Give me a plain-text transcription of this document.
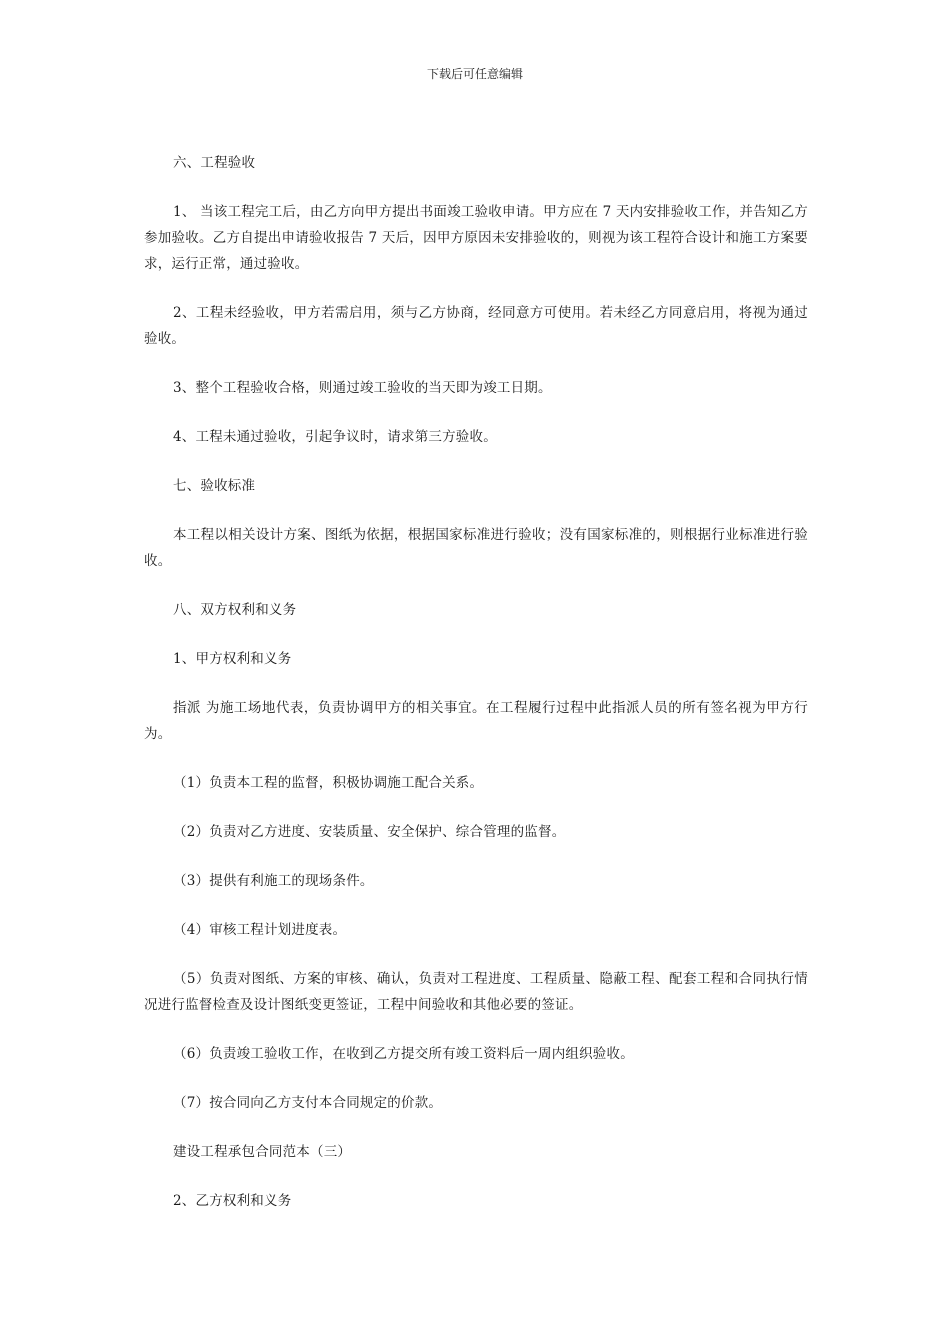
下载后可任意编辑

六、工程验收

1、 当该工程完工后，由乙方向甲方提出书面竣工验收申请。甲方应在 7 天内安排验收工作，并告知乙方参加验收。乙方自提出申请验收报告 7 天后，因甲方原因未安排验收的，则视为该工程符合设计和施工方案要求，运行正常，通过验收。

2、工程未经验收，甲方若需启用，须与乙方协商，经同意方可使用。若未经乙方同意启用，将视为通过验收。

3、整个工程验收合格，则通过竣工验收的当天即为竣工日期。

4、工程未通过验收，引起争议时，请求第三方验收。

七、验收标准

本工程以相关设计方案、图纸为依据，根据国家标准进行验收；没有国家标准的，则根据行业标准进行验收。

八、双方权利和义务

1、甲方权利和义务

指派 为施工场地代表，负责协调甲方的相关事宜。在工程履行过程中此指派人员的所有签名视为甲方行为。

（1）负责本工程的监督，积极协调施工配合关系。

（2）负责对乙方进度、安装质量、安全保护、综合管理的监督。

（3）提供有利施工的现场条件。

（4）审核工程计划进度表。

（5）负责对图纸、方案的审核、确认，负责对工程进度、工程质量、隐蔽工程、配套工程和合同执行情况进行监督检查及设计图纸变更签证，工程中间验收和其他必要的签证。

（6）负责竣工验收工作，在收到乙方提交所有竣工资料后一周内组织验收。

（7）按合同向乙方支付本合同规定的价款。

建设工程承包合同范本（三）

2、乙方权利和义务
